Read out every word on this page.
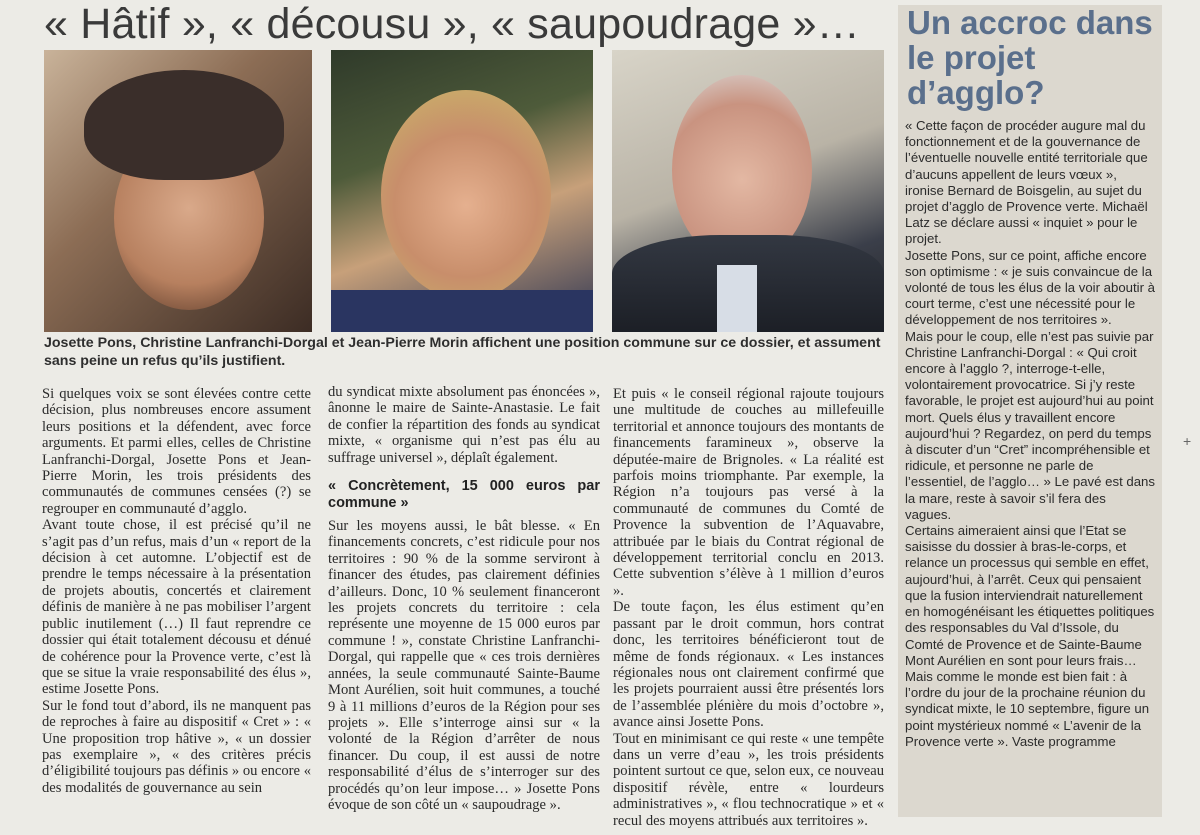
« Hâtif », « décousu », « saupoudrage »…
Josette Pons, Christine Lanfranchi-Dorgal et Jean-Pierre Morin affichent une position commune sur ce dossier, et assument sans peine un refus qu’ils justifient.

Si quelques voix se sont élevées contre cette décision, plus nombreuses encore assument leurs positions et la défendent, avec force arguments. Et parmi elles, celles de Christine Lanfranchi-Dorgal, Josette Pons et Jean-Pierre Morin, les trois présidents des communautés de communes censées (?) se regrouper en communauté d’agglo.

Avant toute chose, il est précisé qu’il ne s’agit pas d’un refus, mais d’un « report de la décision à cet automne. L’objectif est de prendre le temps nécessaire à la présentation de projets aboutis, concertés et clairement définis de manière à ne pas mobiliser l’argent public inutilement (…) Il faut reprendre ce dossier qui était totalement décousu et dénué de cohérence pour la Provence verte, c’est là que se situe la vraie responsabilité des élus », estime Josette Pons.

Sur le fond tout d’abord, ils ne manquent pas de reproches à faire au dispositif « Cret » : « Une proposition trop hâtive », « un dossier pas exemplaire », « des critères précis d’éligibilité toujours pas définis » ou encore « des modalités de gouvernance au sein

du syndicat mixte absolument pas énoncées », ânonne le maire de Sainte-Anastasie. Le fait de confier la répartition des fonds au syndicat mixte, « organisme qui n’est pas élu au suffrage universel », déplaît également.

« Concrètement, 15 000 euros par commune »

Sur les moyens aussi, le bât blesse. « En financements concrets, c’est ridicule pour nos territoires : 90 % de la somme serviront à financer des études, pas clairement définies d’ailleurs. Donc, 10 % seulement financeront les projets concrets du territoire : cela représente une moyenne de 15 000 euros par commune ! », constate Christine Lanfranchi-Dorgal, qui rappelle que « ces trois dernières années, la seule communauté Sainte-Baume Mont Aurélien, soit huit communes, a touché 9 à 11 millions d’euros de la Région pour ses projets ». Elle s’interroge ainsi sur « la volonté de la Région d’arrêter de nous financer. Du coup, il est aussi de notre responsabilité d’élus de s’interroger sur des procédés qu’on leur impose… » Josette Pons évoque de son côté un « saupoudrage ».

Et puis « le conseil régional rajoute toujours une multitude de couches au millefeuille territorial et annonce toujours des montants de financements faramineux », observe la députée-maire de Brignoles. « La réalité est parfois moins triomphante. Par exemple, la Région n’a toujours pas versé à la communauté de communes du Comté de Provence la subvention de l’Aquavabre, attribuée par le biais du Contrat régional de développement territorial conclu en 2013. Cette subvention s’élève à 1 million d’euros ».

De toute façon, les élus estiment qu’en passant par le droit commun, hors contrat donc, les territoires bénéficieront tout de même de fonds régionaux. « Les instances régionales nous ont clairement confirmé que les projets pourraient aussi être présentés lors de l’assemblée plénière du mois d’octobre », avance ainsi Josette Pons.

Tout en minimisant ce qui reste « une tempête dans un verre d’eau », les trois présidents pointent surtout ce que, selon eux, ce nouveau dispositif révèle, entre « lourdeurs administratives », « flou technocratique » et « recul des moyens attribués aux territoires ».

Un accroc dans le projet d’agglo?

« Cette façon de procéder augure mal du fonctionnement et de la gouvernance de l’éventuelle nouvelle entité territoriale que d’aucuns appellent de leurs vœux », ironise Bernard de Boisgelin, au sujet du projet d’agglo de Provence verte. Michaël Latz se déclare aussi « inquiet » pour le projet.

Josette Pons, sur ce point, affiche encore son optimisme : « je suis convaincue de la volonté de tous les élus de la voir aboutir à court terme, c’est une nécessité pour le développement de nos territoires ».

Mais pour le coup, elle n’est pas suivie par Christine Lanfranchi-Dorgal : « Qui croit encore à l’agglo ?, interroge-t-elle, volontairement provocatrice. Si j’y reste favorable, le projet est aujourd’hui au point mort. Quels élus y travaillent encore aujourd’hui ? Regardez, on perd du temps à discuter d’un “Cret” incompréhensible et ridicule, et personne ne parle de l’essentiel, de l’agglo… » Le pavé est dans la mare, reste à savoir s’il fera des vagues.

Certains aimeraient ainsi que l’Etat se saisisse du dossier à bras-le-corps, et relance un processus qui semble en effet, aujourd’hui, à l’arrêt. Ceux qui pensaient que la fusion interviendrait naturellement en homogénéisant les étiquettes politiques des responsables du Val d’Issole, du Comté de Provence et de Sainte-Baume Mont Aurélien en sont pour leurs frais…

Mais comme le monde est bien fait : à l’ordre du jour de la prochaine réunion du syndicat mixte, le 10 septembre, figure un point mystérieux nommé « L’avenir de la Provence verte ». Vaste programme

+
